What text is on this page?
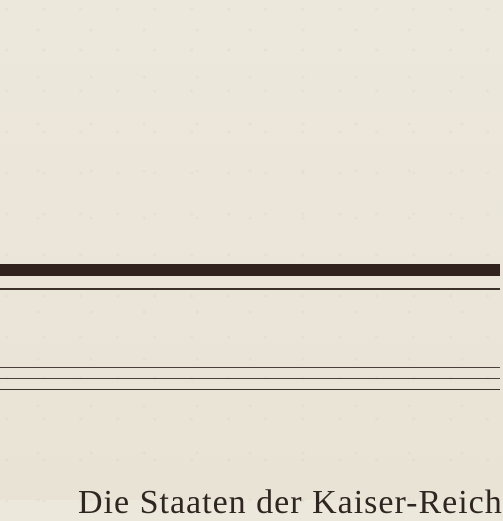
Die Staaten der Kaiser-Reich
